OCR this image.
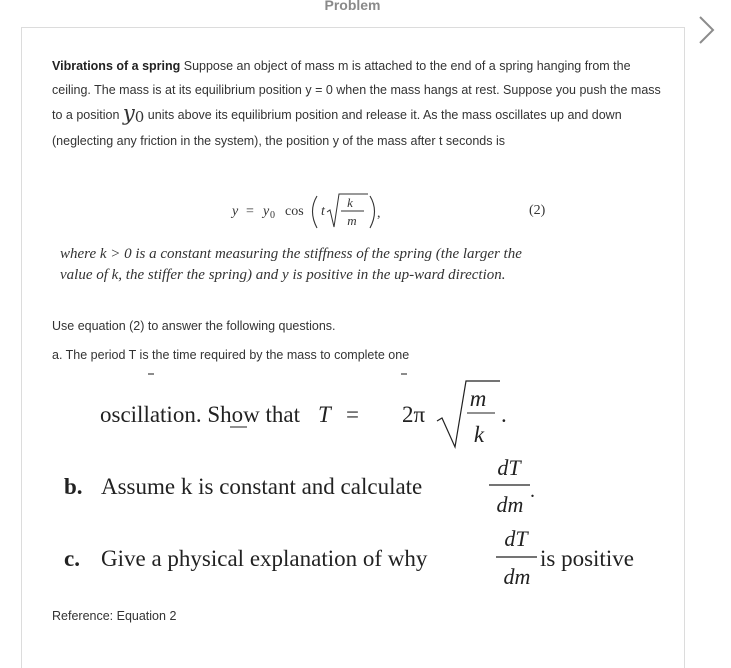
Problem
Vibrations of a spring Suppose an object of mass m is attached to the end of a spring hanging from the ceiling. The mass is at its equilibrium position y = 0 when the mass hangs at rest. Suppose you push the mass to a position $y_0$ units above its equilibrium position and release it. As the mass oscillates up and down (neglecting any friction in the system), the position y of the mass after t seconds is
y = y 0 cos t
k
m ,	(2)
where k > 0 is a constant measuring the stiffness of the spring (the larger the value of k, the stiffer the spring) and y is positive in the up-ward direction.
Use equation (2) to answer the following questions.
a. The period T is the time required by the mass to complete one
oscillation. Show that T = 2π
m
k
.
b. Assume k is constant and calculate
dT
dm
.
c. Give a physical explanation of why
dT
dm
is positive
Reference: Equation 2
